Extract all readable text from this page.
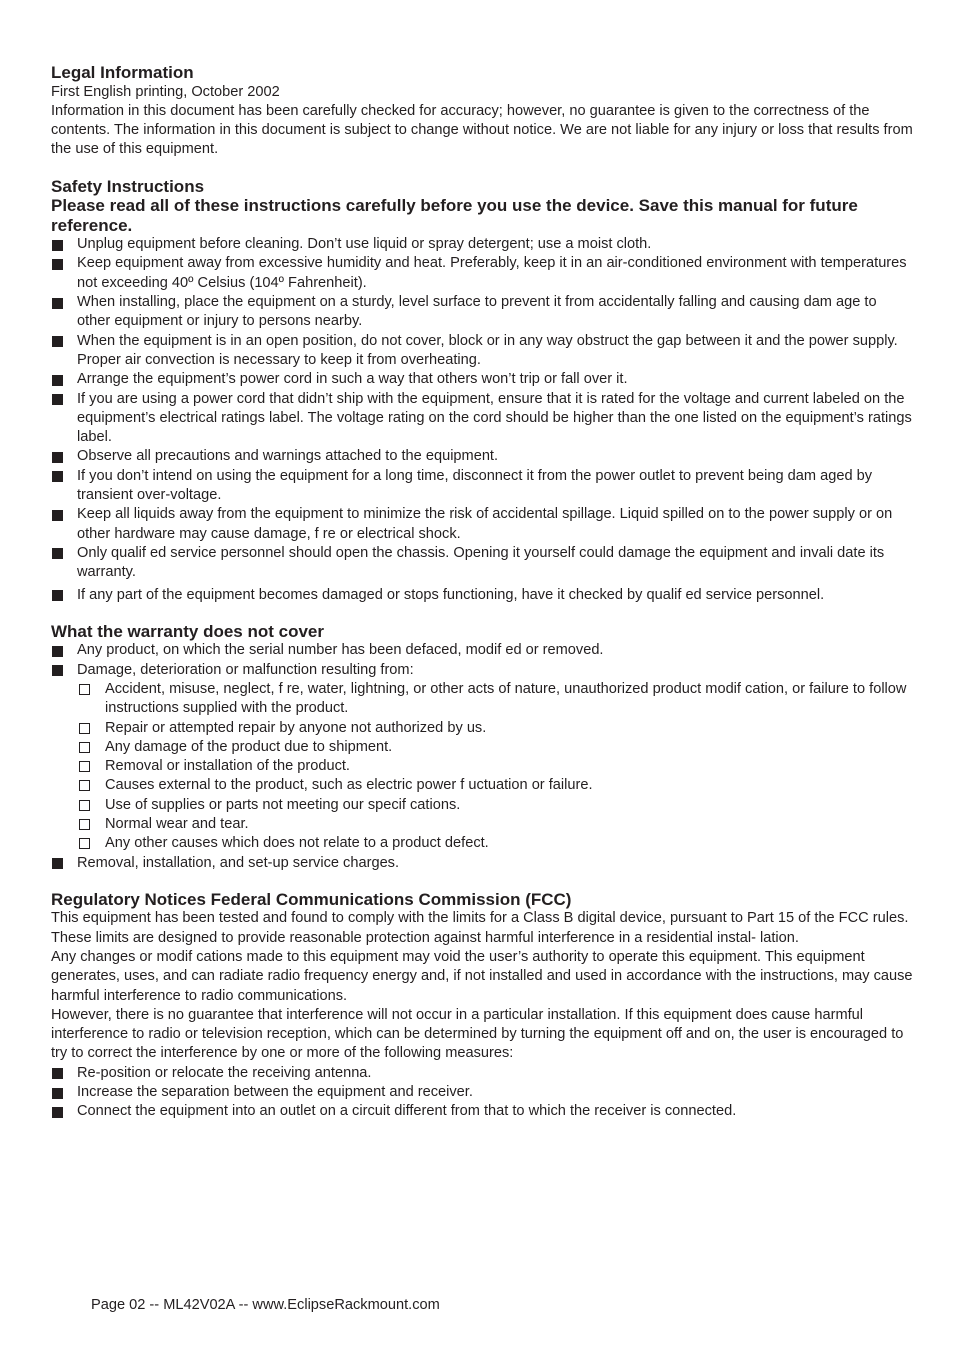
Legal Information

First English printing, October 2002

Information in this document has been carefully checked for accuracy; however, no guarantee is given to the correctness of the contents. The information in this document is subject to change without notice. We are not liable for any injury or loss that results from the use of this equipment.

Safety Instructions

Please read all of these instructions carefully before you use the device. Save this manual for future reference.

Unplug equipment before cleaning. Don’t use liquid or spray detergent; use a moist cloth.
Keep equipment away from excessive humidity and heat. Preferably, keep it in an air-conditioned environment with temperatures not exceeding 40º Celsius (104º Fahrenheit).
When installing, place the equipment on a sturdy, level surface to prevent it from accidentally falling and causing dam age to other equipment or injury to persons nearby.
When the equipment is in an open position, do not cover, block or in any way obstruct the gap between it and the power supply. Proper air convection is necessary to keep it from overheating.
Arrange the equipment’s power cord in such a way that others won’t trip or fall over it.
If you are using a power cord that didn’t ship with the equipment, ensure that it is rated for the voltage and current labeled on the equipment’s electrical ratings label. The voltage rating on the cord should be higher than the one listed on the equipment’s ratings label.
Observe all precautions and warnings attached to the equipment.
If you don’t intend on using the equipment for a long time, disconnect it from the power outlet to prevent being dam aged by transient over-voltage.
Keep all liquids away from the equipment to minimize the risk of accidental spillage. Liquid spilled on to the power supply or on other hardware may cause damage, f re or electrical shock.
Only qualif ed service personnel should open the chassis. Opening it yourself could damage the equipment and invali date its warranty.
If any part of the equipment becomes damaged or stops functioning, have it checked by qualif ed service personnel.

What the warranty does not cover

Any product, on which the serial number has been defaced, modif ed or removed.
Damage, deterioration or malfunction resulting from:
Accident, misuse, neglect, f re, water, lightning, or other acts of nature, unauthorized product modif cation, or failure to follow instructions supplied with the product.
Repair or attempted repair by anyone not authorized by us.
Any damage of the product due to shipment.
Removal or installation of the product.
Causes external to the product, such as electric power f uctuation or failure.
Use of supplies or parts not meeting our specif cations.
Normal wear and tear.
Any other causes which does not relate to a product defect.
Removal, installation, and set-up service charges.

Regulatory Notices Federal Communications Commission (FCC)

This equipment has been tested and found to comply with the limits for a Class B digital device, pursuant to Part 15 of the FCC rules. These limits are designed to provide reasonable protection against harmful interference in a residential instal- lation.

Any changes or modif cations made to this equipment may void the user’s authority to operate this equipment. This equipment generates, uses, and can radiate radio frequency energy and, if not installed and used in accordance with the instructions, may cause harmful interference to radio communications.

However, there is no guarantee that interference will not occur in a particular installation. If this equipment does cause harmful interference to radio or television reception, which can be determined by turning the equipment off and on, the user is encouraged to try to correct the interference by one or more of the following measures:

Re-position or relocate the receiving antenna.
Increase the separation between the equipment and receiver.
Connect the equipment into an outlet on a circuit different from that to which the receiver is connected.
Page 02 -- ML42V02A -- www.EclipseRackmount.com
